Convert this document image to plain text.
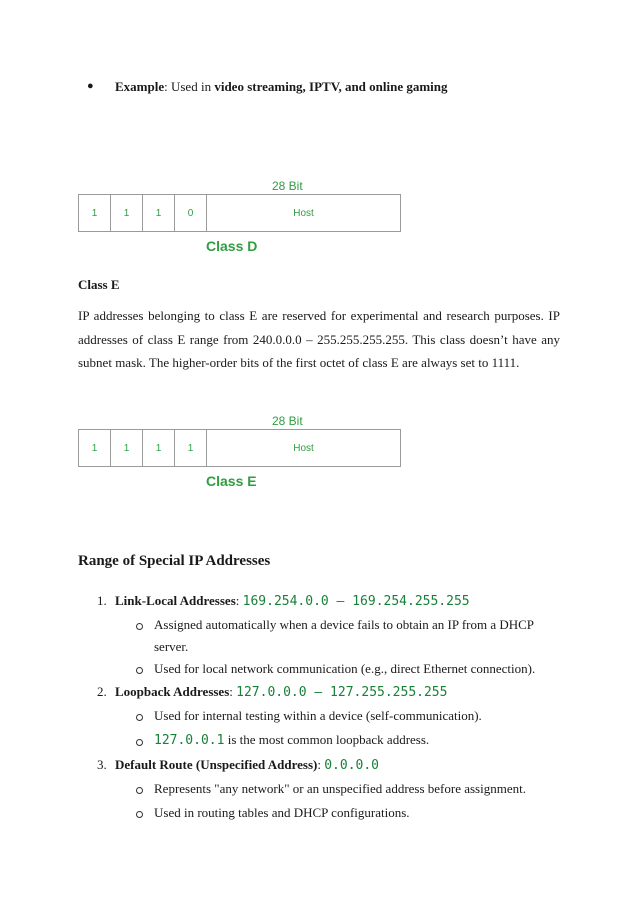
● Example: Used in video streaming, IPTV, and online gaming
28 Bit
1	1	1	0	Host
Class D
Class E
IP addresses belonging to class E are reserved for experimental and research purposes. IP addresses of class E range from 240.0.0.0 – 255.255.255.255. This class doesn’t have any subnet mask. The higher-order bits of the first octet of class E are always set to 1111.
28 Bit
1	1	1	1	Host
Class E
Range of Special IP Addresses
1. Link-Local Addresses: 169.254.0.0 – 169.254.255.255
Assigned automatically when a device fails to obtain an IP from a DHCP
server.
Used for local network communication (e.g., direct Ethernet connection).
2. Loopback Addresses: 127.0.0.0 – 127.255.255.255
Used for internal testing within a device (self-communication).
127.0.0.1 is the most common loopback address.
3. Default Route (Unspecified Address): 0.0.0.0
Represents "any network" or an unspecified address before assignment.
Used in routing tables and DHCP configurations.
